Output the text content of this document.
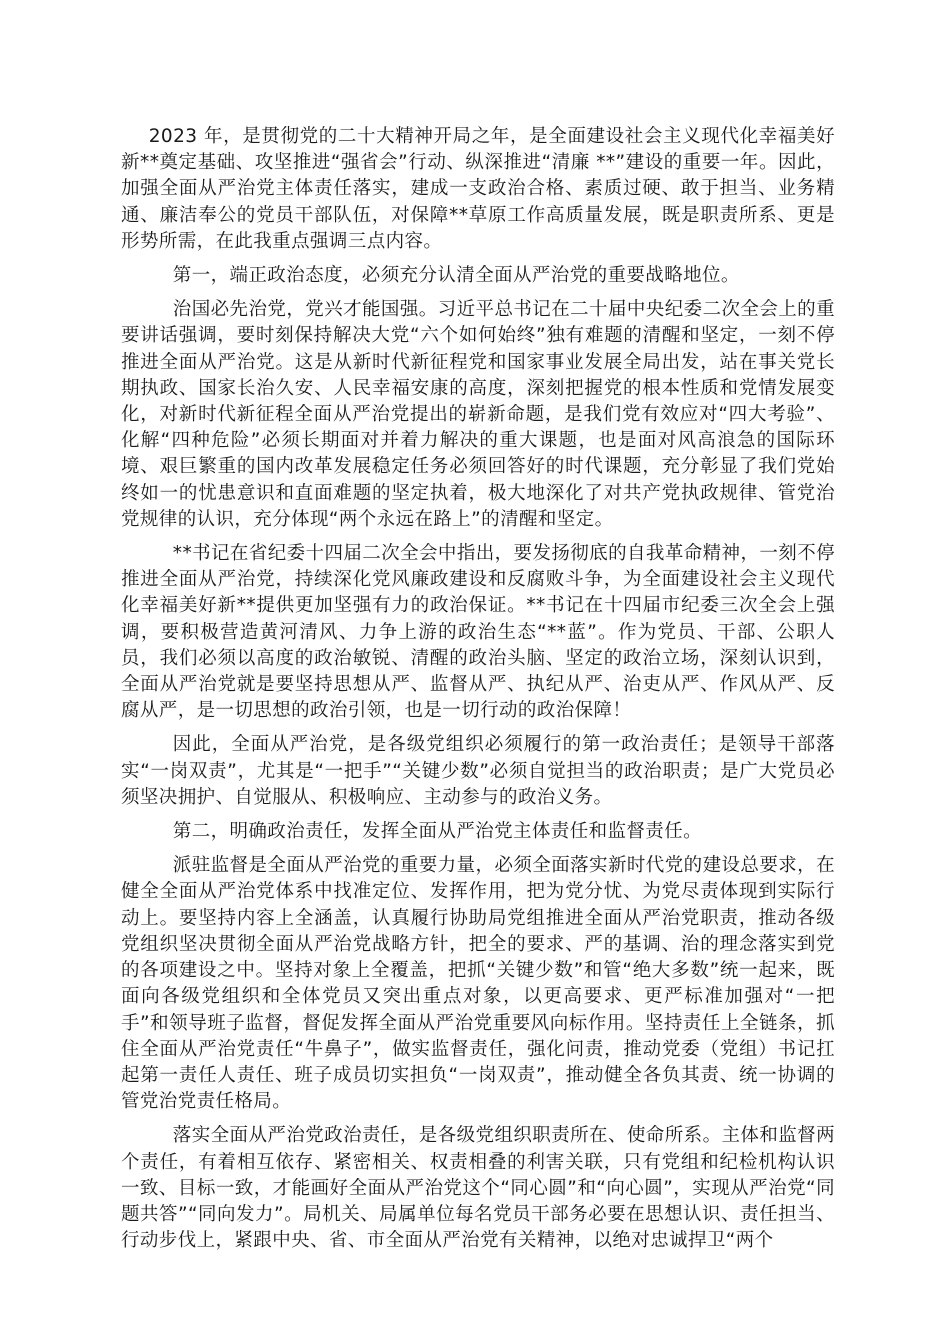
2023 年，是贯彻党的二十大精神开局之年，是全面建设社会主义现代化幸福美好新**奠定基础、攻坚推进“强省会”行动、纵深推进“清廉 **”建设的重要一年。因此，加强全面从严治党主体责任落实，建成一支政治合格、素质过硬、敢于担当、业务精通、廉洁奉公的党员干部队伍，对保障**草原工作高质量发展，既是职责所系、更是形势所需，在此我重点强调三点内容。

第一，端正政治态度，必须充分认清全面从严治党的重要战略地位。

治国必先治党，党兴才能国强。习近平总书记在二十届中央纪委二次全会上的重要讲话强调，要时刻保持解决大党“六个如何始终”独有难题的清醒和坚定，一刻不停推进全面从严治党。这是从新时代新征程党和国家事业发展全局出发，站在事关党长期执政、国家长治久安、人民幸福安康的高度，深刻把握党的根本性质和党情发展变化，对新时代新征程全面从严治党提出的崭新命题，是我们党有效应对“四大考验”、化解“四种危险”必须长期面对并着力解决的重大课题，也是面对风高浪急的国际环境、艰巨繁重的国内改革发展稳定任务必须回答好的时代课题，充分彰显了我们党始终如一的忧患意识和直面难题的坚定执着，极大地深化了对共产党执政规律、管党治党规律的认识，充分体现“两个永远在路上”的清醒和坚定。

**书记在省纪委十四届二次全会中指出，要发扬彻底的自我革命精神，一刻不停推进全面从严治党，持续深化党风廉政建设和反腐败斗争，为全面建设社会主义现代化幸福美好新**提供更加坚强有力的政治保证。**书记在十四届市纪委三次全会上强调，要积极营造黄河清风、力争上游的政治生态“**蓝”。作为党员、干部、公职人员，我们必须以高度的政治敏锐、清醒的政治头脑、坚定的政治立场，深刻认识到，全面从严治党就是要坚持思想从严、监督从严、执纪从严、治吏从严、作风从严、反腐从严，是一切思想的政治引领，也是一切行动的政治保障！

因此，全面从严治党，是各级党组织必须履行的第一政治责任；是领导干部落实“一岗双责”，尤其是“一把手”“关键少数”必须自觉担当的政治职责；是广大党员必须坚决拥护、自觉服从、积极响应、主动参与的政治义务。

第二，明确政治责任，发挥全面从严治党主体责任和监督责任。

派驻监督是全面从严治党的重要力量，必须全面落实新时代党的建设总要求，在健全全面从严治党体系中找准定位、发挥作用，把为党分忧、为党尽责体现到实际行动上。要坚持内容上全涵盖，认真履行协助局党组推进全面从严治党职责，推动各级党组织坚决贯彻全面从严治党战略方针，把全的要求、严的基调、治的理念落实到党的各项建设之中。坚持对象上全覆盖，把抓“关键少数”和管“绝大多数”统一起来，既面向各级党组织和全体党员又突出重点对象，以更高要求、更严标准加强对“一把手”和领导班子监督，督促发挥全面从严治党重要风向标作用。坚持责任上全链条，抓住全面从严治党责任“牛鼻子”，做实监督责任，强化问责，推动党委（党组）书记扛起第一责任人责任、班子成员切实担负“一岗双责”，推动健全各负其责、统一协调的管党治党责任格局。

落实全面从严治党政治责任，是各级党组织职责所在、使命所系。主体和监督两个责任，有着相互依存、紧密相关、权责相叠的利害关联，只有党组和纪检机构认识一致、目标一致，才能画好全面从严治党这个“同心圆”和“向心圆”，实现从严治党“同题共答”“同向发力”。局机关、局属单位每名党员干部务必要在思想认识、责任担当、行动步伐上，紧跟中央、省、市全面从严治党有关精神，以绝对忠诚捍卫“两个
